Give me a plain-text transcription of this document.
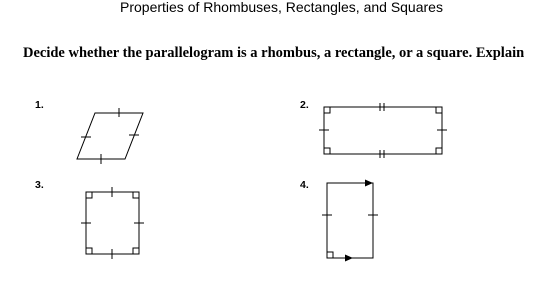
Properties of Rhombuses, Rectangles, and Squares
Decide whether the parallelogram is a rhombus, a rectangle, or a square. Explain
1.	2.
3.	4.
